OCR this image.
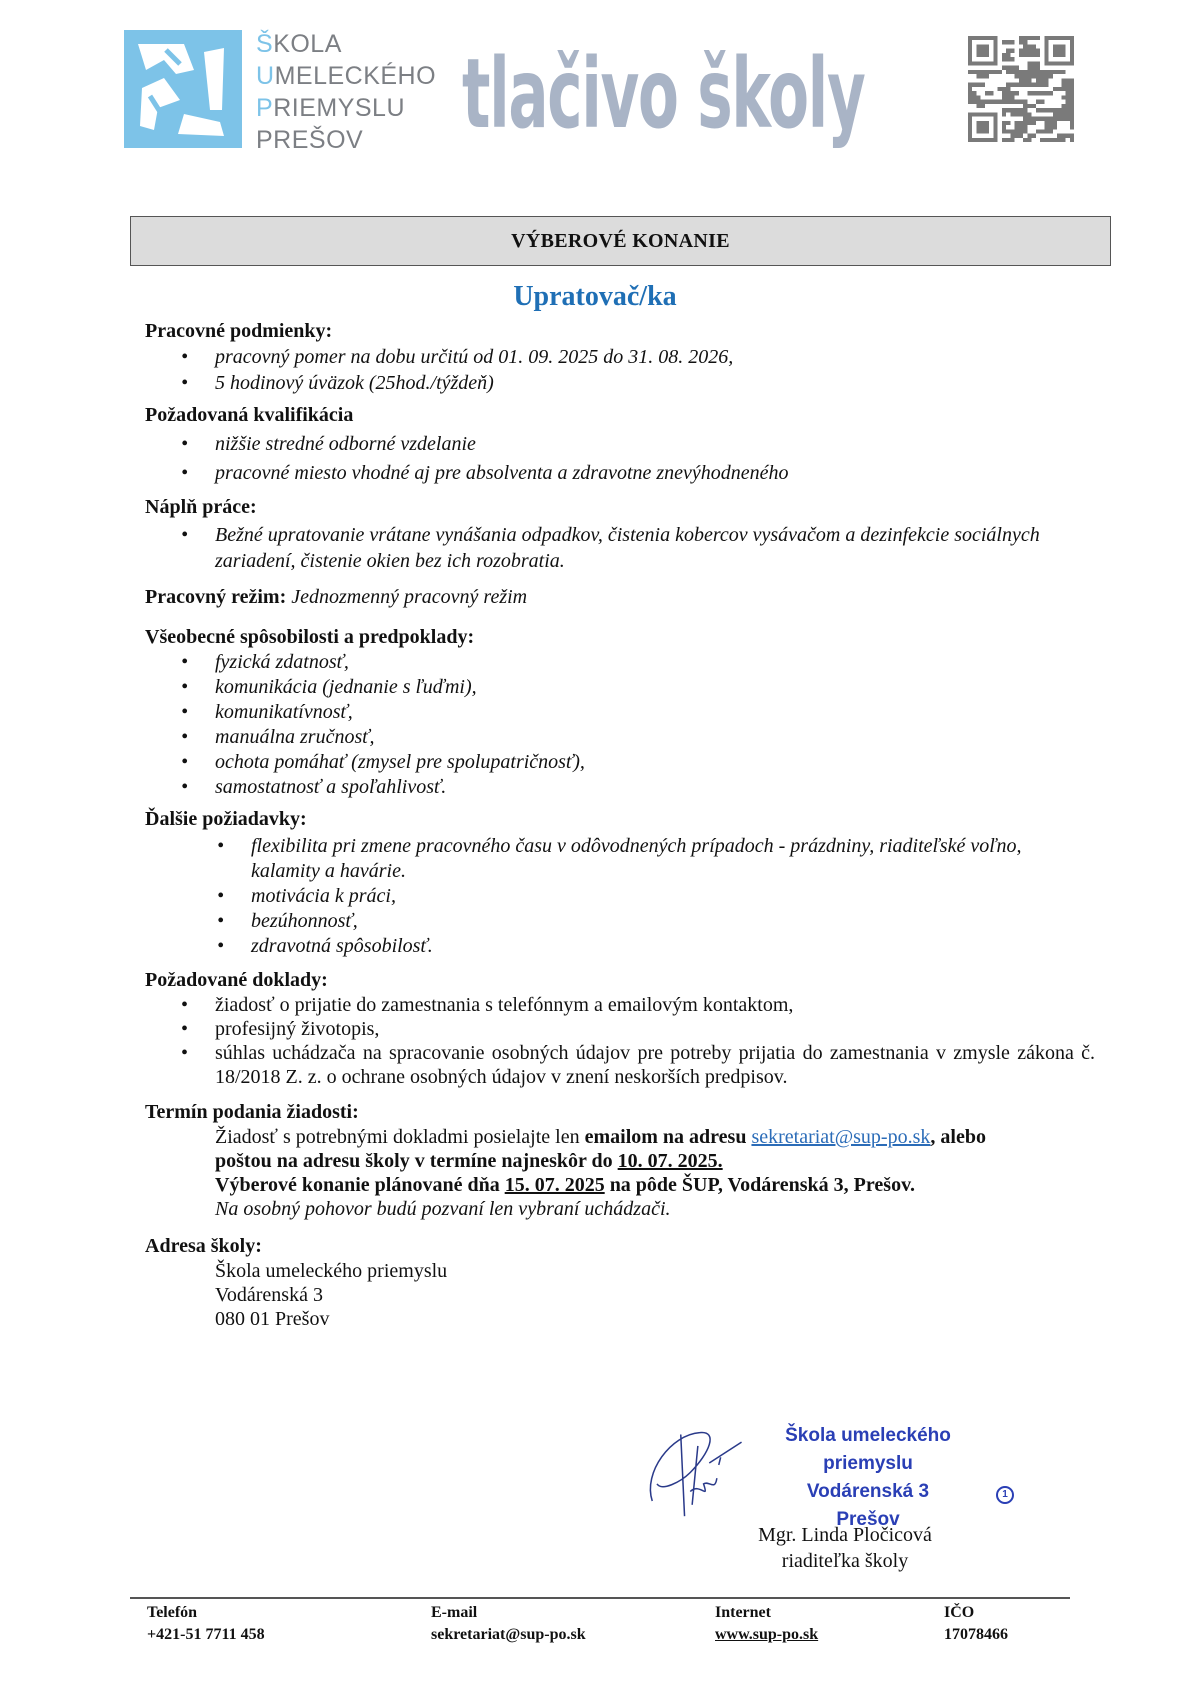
ŠKOLA
UMELECKÉHO
PRIEMYSLU
PREŠOV	tlačivo školy
VÝBEROVÉ KONANIE
Upratovač/ka
Pracovné podmienky:
• pracovný pomer na dobu určitú od 01. 09. 2025 do 31. 08. 2026,
• 5 hodinový úväzok (25hod./týždeň)
Požadovaná kvalifikácia
• nižšie stredné odborné vzdelanie
• pracovné miesto vhodné aj pre absolventa a zdravotne znevýhodneného
Náplň práce:
• Bežné upratovanie vrátane vynášania odpadkov, čistenia kobercov vysávačom a dezinfekcie sociálnych zariadení, čistenie okien bez ich rozobratia.
Pracovný režim: Jednozmenný pracovný režim
Všeobecné spôsobilosti a predpoklady:
• fyzická zdatnosť,
• komunikácia (jednanie s ľuďmi),
• komunikatívnosť,
• manuálna zručnosť,
• ochota pomáhať (zmysel pre spolupatričnosť),
• samostatnosť a spoľahlivosť.
Ďalšie požiadavky:
• flexibilita pri zmene pracovného času v odôvodnených prípadoch - prázdniny, riaditeľské voľno, kalamity a havárie.
• motivácia k práci,
• bezúhonnosť,
• zdravotná spôsobilosť.
Požadované doklady:
• žiadosť o prijatie do zamestnania s telefónnym a emailovým kontaktom,
• profesijný životopis,
• súhlas uchádzača na spracovanie osobných údajov pre potreby prijatia do zamestnania v zmysle zákona č. 18/2018 Z. z. o ochrane osobných údajov v znení neskorších predpisov.
Termín podania žiadosti:
Žiadosť s potrebnými dokladmi posielajte len emailom na adresu sekretariat@sup-po.sk, alebo
poštou na adresu školy v termíne najneskôr do 10. 07. 2025.
Výberové konanie plánované dňa 15. 07. 2025 na pôde ŠUP, Vodárenská 3, Prešov.
Na osobný pohovor budú pozvaní len vybraní uchádzači.
Adresa školy:
Škola umeleckého priemyslu
Vodárenská 3
080 01 Prešov
Škola umeleckého priemyslu
Vodárenská 3
Prešov
1
Mgr. Linda Pločicová
riaditeľka školy
Telefón
+421-51 7711 458
E-mail
sekretariat@sup-po.sk
Internet
www.sup-po.sk
IČO
17078466
